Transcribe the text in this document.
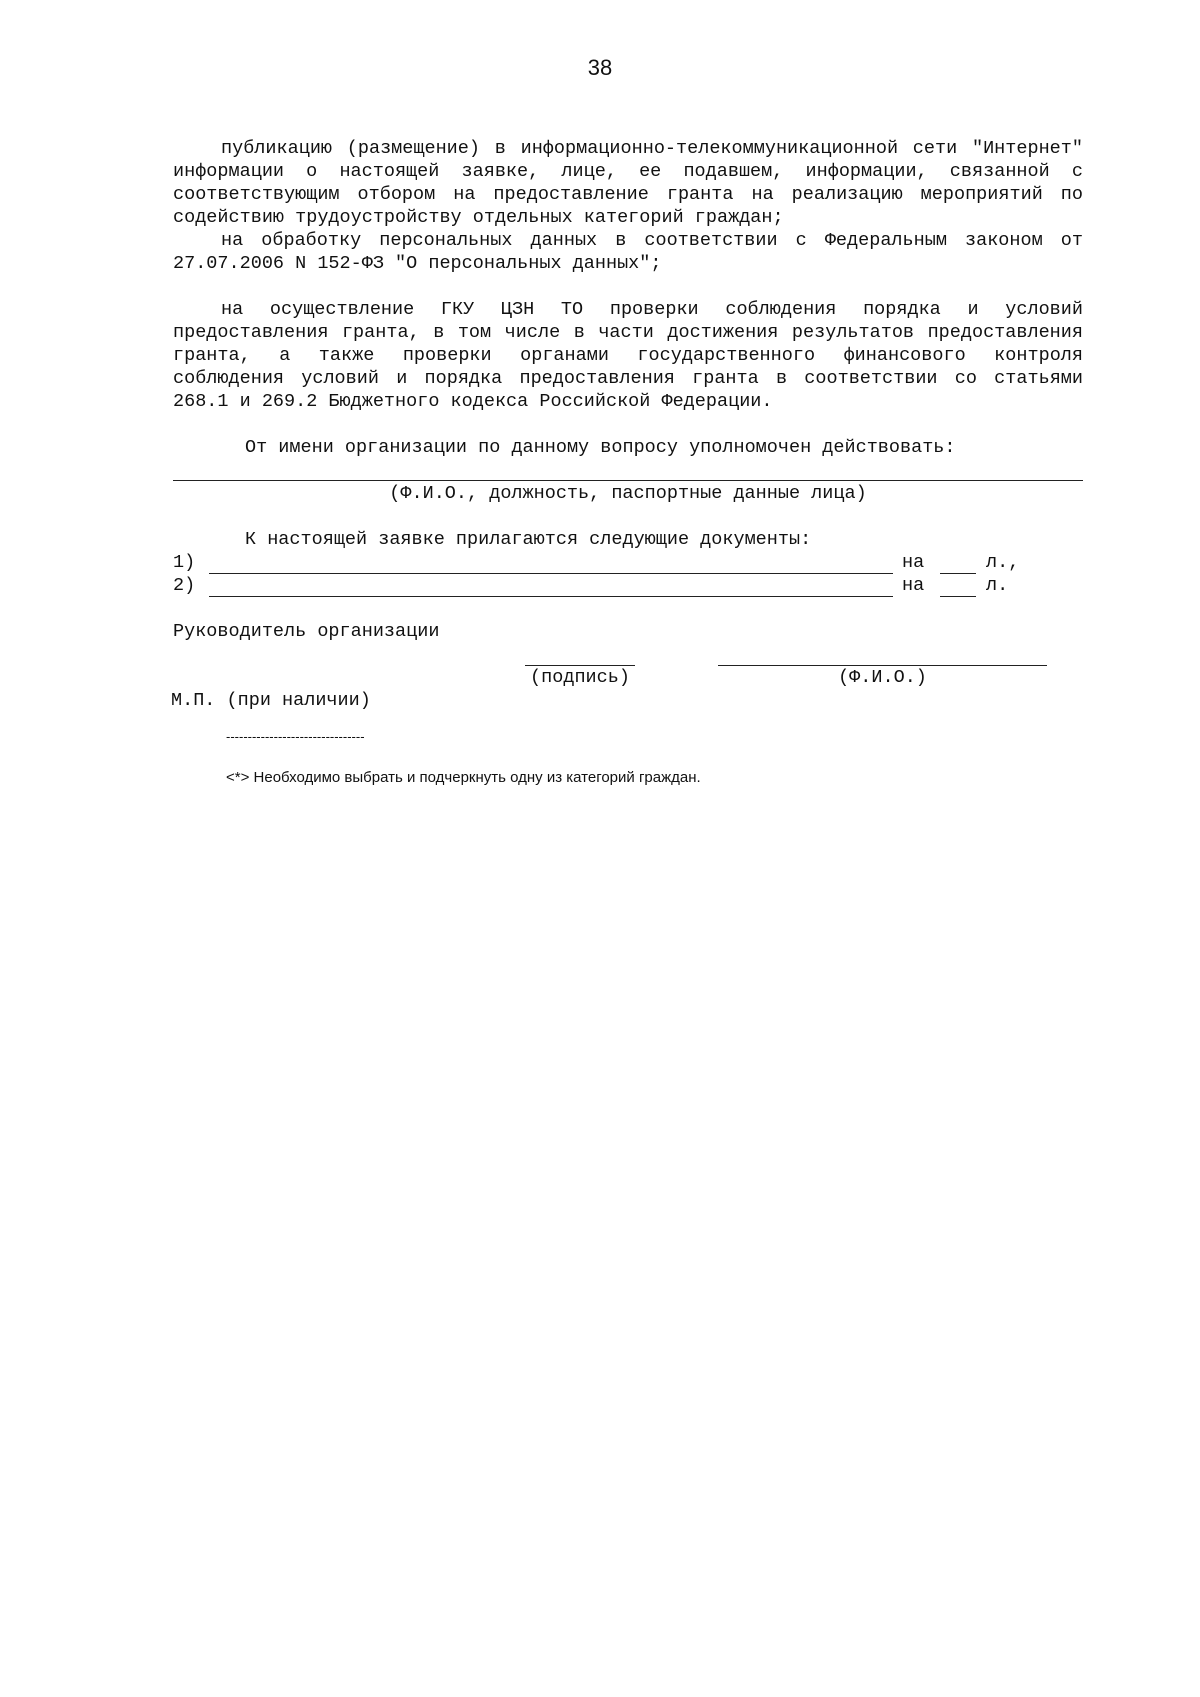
38

публикацию (размещение) в информационно-телекоммуникационной сети "Интернет" информации о настоящей заявке, лице, ее подавшем, информации, связанной с соответствующим отбором на предоставление гранта на реализацию мероприятий по содействию трудоустройству отдельных категорий граждан;

на обработку персональных данных в соответствии с Федеральным законом от 27.07.2006 N 152-ФЗ "О персональных данных";

на осуществление ГКУ ЦЗН ТО проверки соблюдения порядка и условий предоставления гранта, в том числе в части достижения результатов предоставления гранта, а также проверки органами государственного финансового контроля соблюдения условий и порядка предоставления гранта в соответствии со статьями 268.1 и 269.2 Бюджетного кодекса Российской Федерации.

От имени организации по данному вопросу уполномочен действовать:

(Ф.И.О., должность, паспортные данные лица)
К настоящей заявке прилагаются следующие документы:
1)	на	л.,
2)	на	л.
Руководитель организации
(подпись)	(Ф.И.О.)
М.П. (при наличии)
--------------------------------
<*> Необходимо выбрать и подчеркнуть одну из категорий граждан.
